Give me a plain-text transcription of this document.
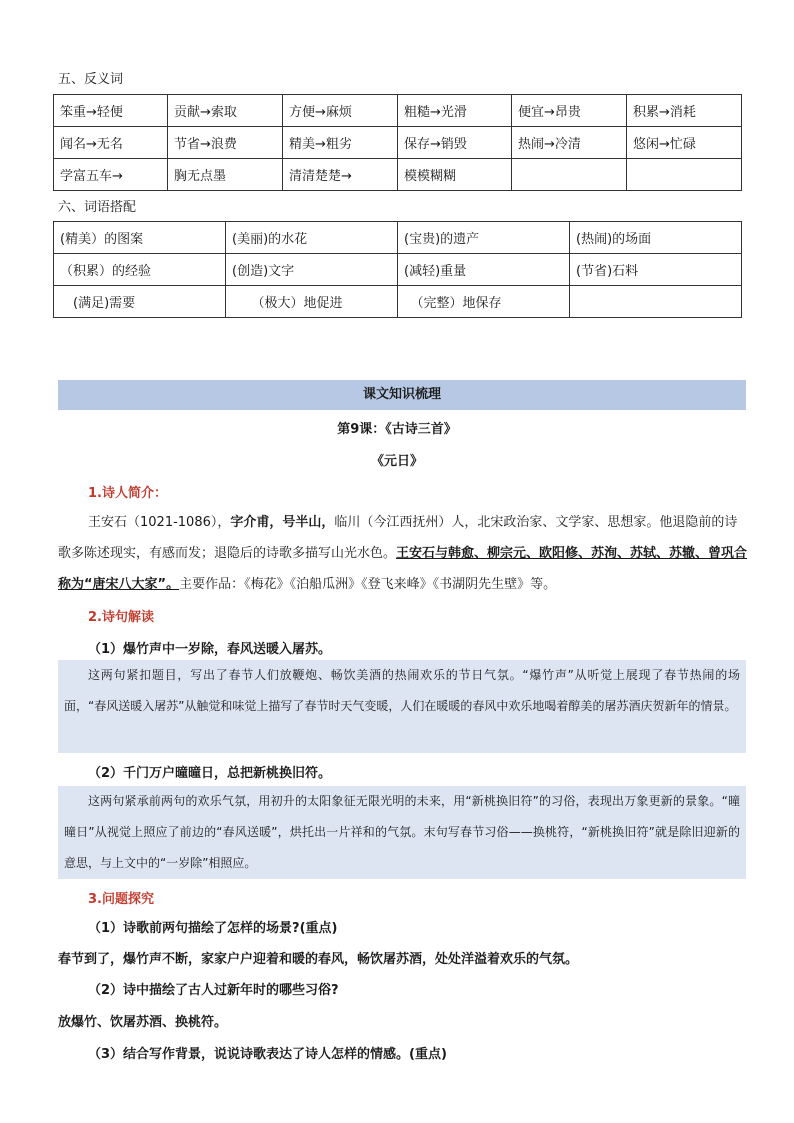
五、反义词
笨重→轻便	贡献→索取	方便→麻烦	粗糙→光滑	便宜→昂贵	积累→消耗
闻名→无名	节省→浪费	精美→粗劣	保存→销毁	热闹→冷清	悠闲→忙碌
学富五车→	胸无点墨	清清楚楚→	模模糊糊		
六、词语搭配
(精美）的图案	(美丽)的水花	(宝贵)的遗产	(热闹)的场面
（积累）的经验	(创造)文字	(减轻)重量	(节省)石料
　(满足)需要	　　（极大）地促进	　（完整）地保存	
课文知识梳理
第9课：《古诗三首》
《元日》
1.诗人简介：

王安石（1021-1086），字介甫，号半山，临川（今江西抚州）人，北宋政治家、文学家、思想家。他退隐前的诗歌多陈述现实，有感而发；退隐后的诗歌多描写山光水色。王安石与韩愈、柳宗元、欧阳修、苏洵、苏轼、苏辙、曾巩合称为“唐宋八大家”。主要作品：《梅花》《泊船瓜洲》《登飞来峰》《书湖阴先生壁》等。

2.诗句解读
（1）爆竹声中一岁除，春风送暖入屠苏。

这两句紧扣题目，写出了春节人们放鞭炮、畅饮美酒的热闹欢乐的节日气氛。“爆竹声”从听觉上展现了春节热闹的场面，“春风送暖入屠苏”从触觉和味觉上描写了春节时天气变暖，人们在暖暖的春风中欢乐地喝着醇美的屠苏酒庆贺新年的情景。

（2）千门万户曈曈日，总把新桃换旧符。

这两句紧承前两句的欢乐气氛，用初升的太阳象征无限光明的未来，用“新桃换旧符”的习俗，表现出万象更新的景象。“曈曈日”从视觉上照应了前边的“春风送暖”，烘托出一片祥和的气氛。末句写春节习俗——换桃符，“新桃换旧符”就是除旧迎新的意思，与上文中的“一岁除”相照应。

3.问题探究
（1）诗歌前两句描绘了怎样的场景?(重点)
春节到了，爆竹声不断，家家户户迎着和暖的春风，畅饮屠苏酒，处处洋溢着欢乐的气氛。
（2）诗中描绘了古人过新年时的哪些习俗?
放爆竹、饮屠苏酒、换桃符。
（3）结合写作背景，说说诗歌表达了诗人怎样的情感。(重点)
